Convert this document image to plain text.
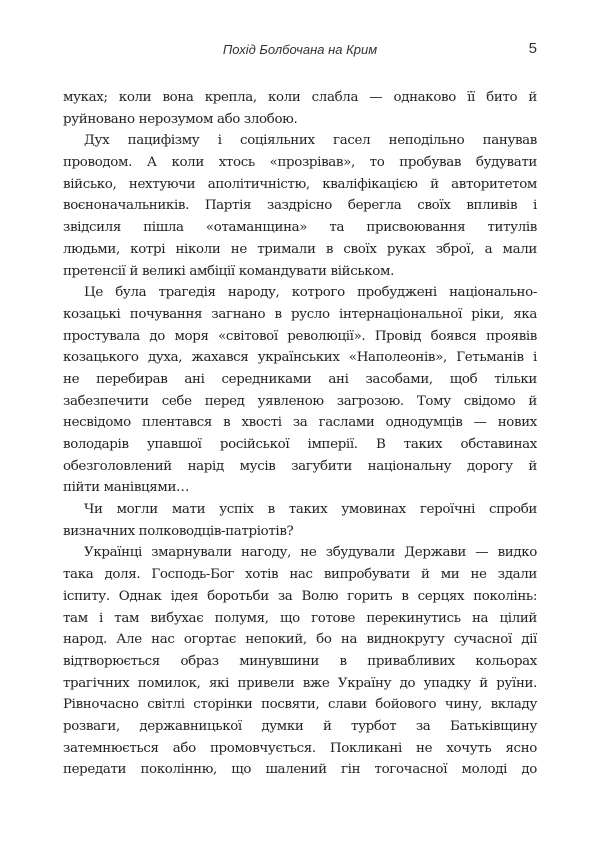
Похід Болбочана на Крим	5
муках; коли вона крепла, коли слабла — однаково її бито й
руйновано нерозумом або злобою.
Дух пацифізму і соціяльних гасел неподільно панував
проводом. А коли хтось «прозрівав», то пробував будувати
військо, нехтуючи аполітичністю, кваліфікацією й авторитетом
воєноначальників. Партія заздрісно берегла своїх впливів і
звідсиля пішла «отаманщина» та присвоювання титулів
людьми, котрі ніколи не тримали в своїх руках зброї, а мали
претенсії й великі амбіції командувати військом.
Це була трагедія народу, котрого пробуджені національно-
козацькі почування загнано в русло інтернаціональної ріки, яка
простувала до моря «світової революції». Провід боявся проявів
козацького духа, жахався українських «Наполеонів», Гетьманів і
не перебирав ані середниками ані засобами, щоб тільки
забезпечити себе перед уявленою загрозою. Тому свідомо й
несвідомо плентався в хвості за гаслами однодумців — нових
володарів упавшої російської імперії. В таких обставинах
обезголовлений нарід мусів загубити національну дорогу й
пійти манівцями…
Чи могли мати успіх в таких умовинах героїчні спроби
визначних полководців-патріотів?
Українці змарнували нагоду, не збудували Держави — видко
така доля. Господь-Бог хотів нас випробувати й ми не здали
іспиту. Однак ідея боротьби за Волю горить в серцях поколінь:
там і там вибухає полумя, що готове перекинутись на цілий
народ. Але нас огортає непокий, бо на виднокругу сучасної дії
відтворюється образ минувшини в привабливих кольорах
трагічних помилок, які привели вже Україну до упадку й руїни.
Рівночасно світлі сторінки посвяти, слави бойового чину, вкладу
розваги, державницької думки й турбот за Батьківщину
затемнюється або промовчується. Покликані не хочуть ясно
передати поколінню, що шалений гін тогочасної молоді до
